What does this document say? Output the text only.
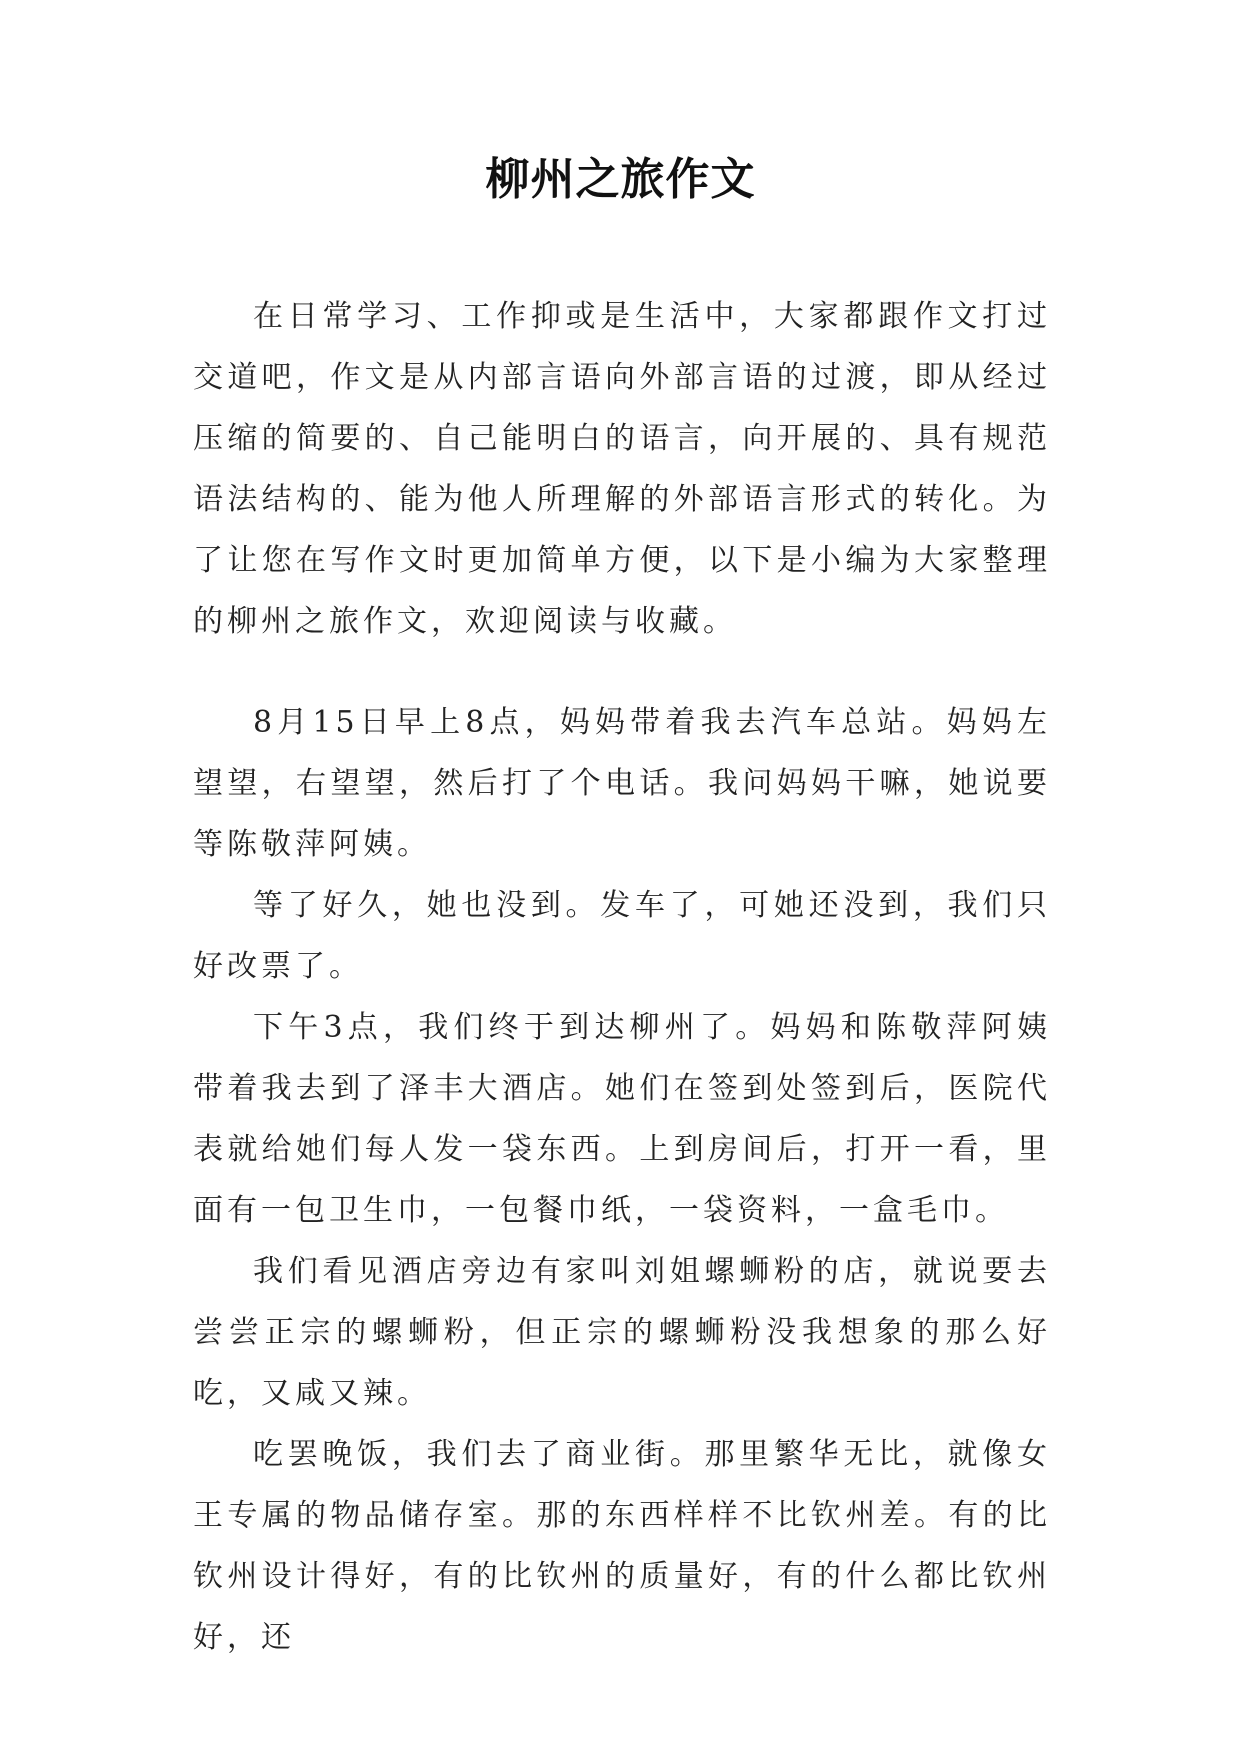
柳州之旅作文

在日常学习、工作抑或是生活中，大家都跟作文打过交道吧，作文是从内部言语向外部言语的过渡，即从经过压缩的简要的、自己能明白的语言，向开展的、具有规范语法结构的、能为他人所理解的外部语言形式的转化。为了让您在写作文时更加简单方便，以下是小编为大家整理的柳州之旅作文，欢迎阅读与收藏。

8月15日早上8点，妈妈带着我去汽车总站。妈妈左望望，右望望，然后打了个电话。我问妈妈干嘛，她说要等陈敬萍阿姨。

等了好久，她也没到。发车了，可她还没到，我们只好改票了。

下午3点，我们终于到达柳州了。妈妈和陈敬萍阿姨带着我去到了泽丰大酒店。她们在签到处签到后，医院代表就给她们每人发一袋东西。上到房间后，打开一看，里面有一包卫生巾，一包餐巾纸，一袋资料，一盒毛巾。

我们看见酒店旁边有家叫刘姐螺蛳粉的店，就说要去尝尝正宗的螺蛳粉，但正宗的螺蛳粉没我想象的那么好吃，又咸又辣。

吃罢晚饭，我们去了商业街。那里繁华无比，就像女王专属的物品储存室。那的东西样样不比钦州差。有的比钦州设计得好，有的比钦州的质量好，有的什么都比钦州好，还
